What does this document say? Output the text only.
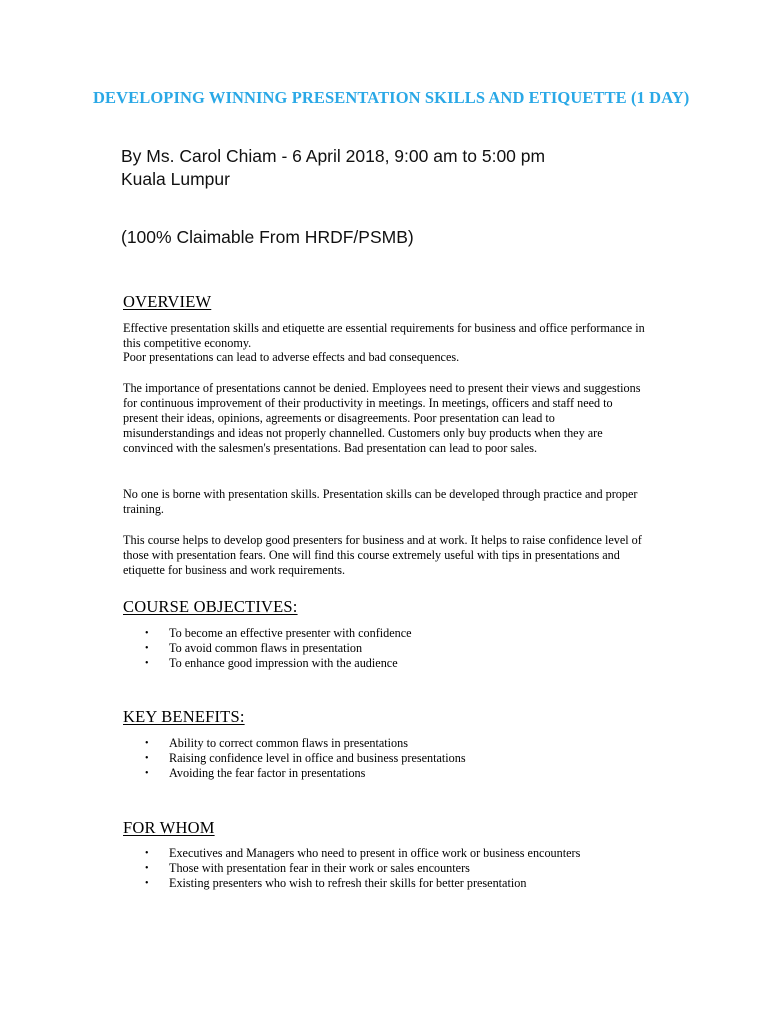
DEVELOPING WINNING PRESENTATION SKILLS AND ETIQUETTE (1 DAY)
By Ms. Carol Chiam - 6 April 2018, 9:00 am to 5:00 pm
Kuala Lumpur
(100% Claimable From HRDF/PSMB)
OVERVIEW

Effective presentation skills and etiquette are essential requirements for business and office performance in this competitive economy.

Poor presentations can lead to adverse effects and bad consequences.

The importance of presentations cannot be denied. Employees need to present their views and suggestions for continuous improvement of their productivity in meetings. In meetings, officers and staff need to present their ideas, opinions, agreements or disagreements. Poor presentation can lead to misunderstandings and ideas not properly channelled. Customers only buy products when they are convinced with the salesmen's presentations. Bad presentation can lead to poor sales.

No one is borne with presentation skills. Presentation skills can be developed through practice and proper training.

This course helps to develop good presenters for business and at work. It helps to raise confidence level of those with presentation fears. One will find this course extremely useful with tips in presentations and etiquette for business and work requirements.

COURSE OBJECTIVES:
• To become an effective presenter with confidence
• To avoid common flaws in presentation
• To enhance good impression with the audience
KEY BENEFITS:
• Ability to correct common flaws in presentations
• Raising confidence level in office and business presentations
• Avoiding the fear factor in presentations
FOR WHOM
• Executives and Managers who need to present in office work or business encounters
• Those with presentation fear in their work or sales encounters
• Existing presenters who wish to refresh their skills for better presentation
